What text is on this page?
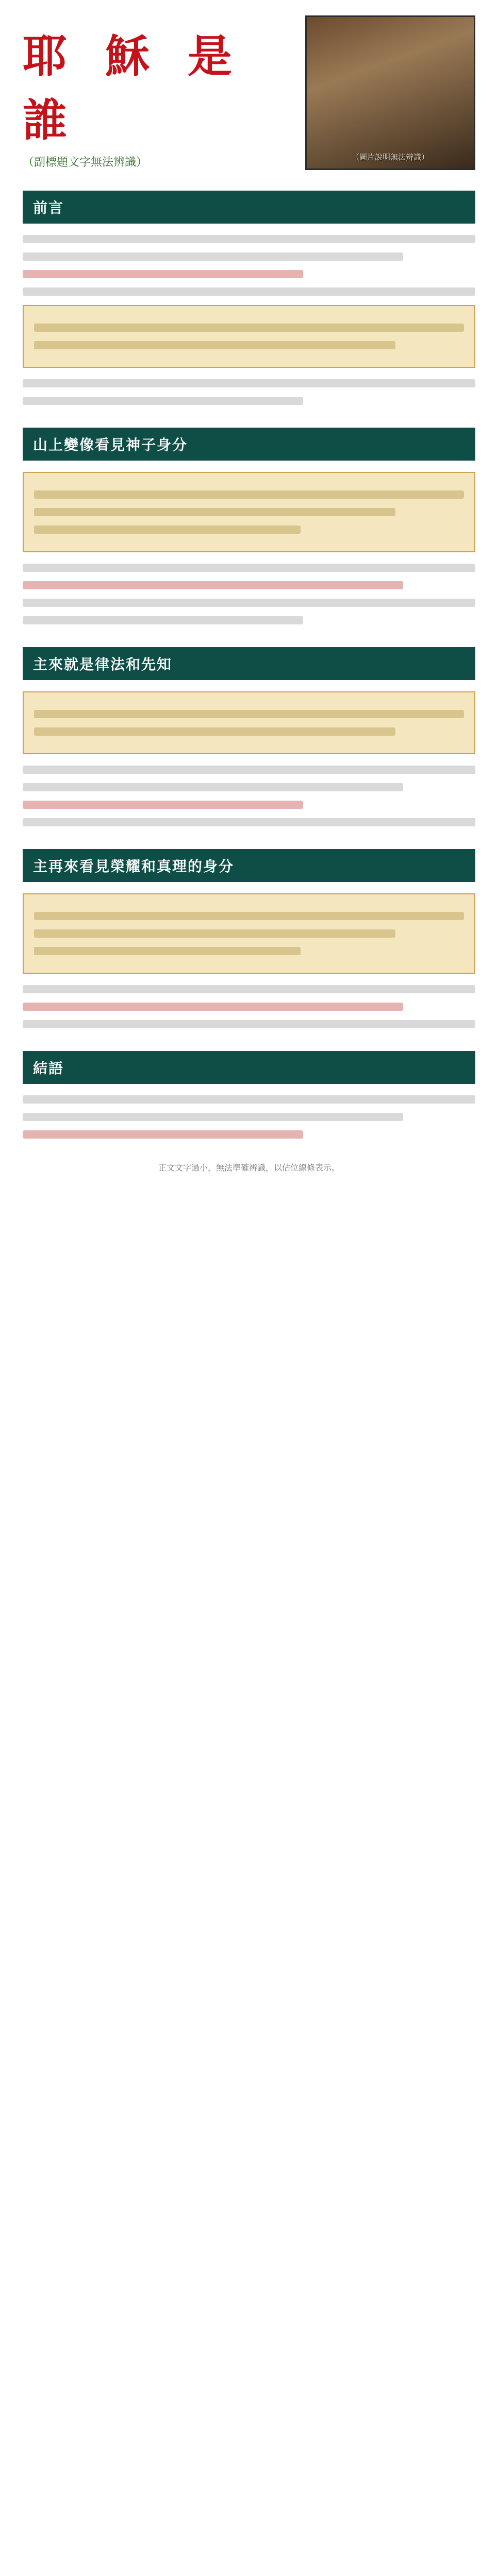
耶 穌 是 誰
（副標題文字無法辨識）	（圖片說明無法辨識）
前言
山上變像看見神子身分
主來就是律法和先知
主再來看見榮耀和真理的身分
結語
正文文字過小，無法準確辨識，以佔位線條表示。
